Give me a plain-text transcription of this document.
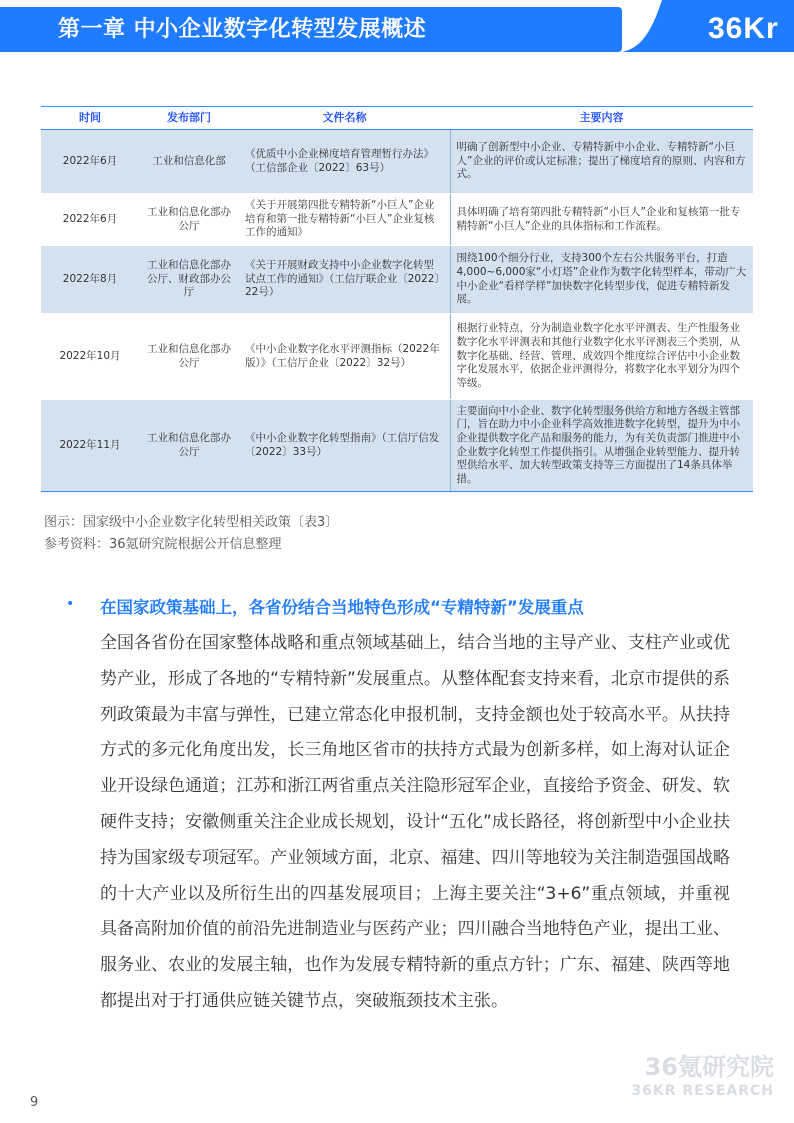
第一章 中小企业数字化转型发展概述	36Kr
时间	发布部门	文件名称	主要内容
2022年6月	工业和信息化部	《优质中小企业梯度培育管理暂行办法》（工信部企业〔2022〕63号）	明确了创新型中小企业、专精特新中小企业、专精特新“小巨人”企业的评价或认定标准；提出了梯度培育的原则、内容和方式。
2022年6月	工业和信息化部办公厅	《关于开展第四批专精特新“小巨人”企业培育和第一批专精特新“小巨人”企业复核工作的通知》	具体明确了培育第四批专精特新“小巨人”企业和复核第一批专精特新“小巨人”企业的具体指标和工作流程。
2022年8月	工业和信息化部办公厅、财政部办公厅	《关于开展财政支持中小企业数字化转型试点工作的通知》（工信厅联企业〔2022〕22号）	围绕100个细分行业，支持300个左右公共服务平台，打造4,000~6,000家“小灯塔”企业作为数字化转型样本，带动广大中小企业“看样学样”加快数字化转型步伐，促进专精特新发展。
2022年10月	工业和信息化部办公厅	《中小企业数字化水平评测指标（2022年版）》（工信厅企业〔2022〕32号）	根据行业特点，分为制造业数字化水平评测表、生产性服务业数字化水平评测表和其他行业数字化水平评测表三个类别，从数字化基础、经营、管理、成效四个维度综合评估中小企业数字化发展水平，依据企业评测得分，将数字化水平划分为四个等级。
2022年11月	工业和信息化部办公厅	《中小企业数字化转型指南》（工信厅信发〔2022〕33号）	主要面向中小企业、数字化转型服务供给方和地方各级主管部门，旨在助力中小企业科学高效推进数字化转型，提升为中小企业提供数字化产品和服务的能力，为有关负责部门推进中小企业数字化转型工作提供指引。从增强企业转型能力、提升转型供给水平、加大转型政策支持等三方面提出了14条具体举措。
图示：国家级中小企业数字化转型相关政策〔表3〕
参考资料：36氪研究院根据公开信息整理
• 在国家政策基础上，各省份结合当地特色形成“专精特新”发展重点

全国各省份在国家整体战略和重点领域基础上，结合当地的主导产业、支柱产业或优势产业，形成了各地的“专精特新”发展重点。从整体配套支持来看，北京市提供的系列政策最为丰富与弹性，已建立常态化申报机制，支持金额也处于较高水平。从扶持方式的多元化角度出发，长三角地区省市的扶持方式最为创新多样，如上海对认证企业开设绿色通道；江苏和浙江两省重点关注隐形冠军企业，直接给予资金、研发、软硬件支持；安徽侧重关注企业成长规划，设计“五化”成长路径，将创新型中小企业扶持为国家级专项冠军。产业领域方面，北京、福建、四川等地较为关注制造强国战略的十大产业以及所衍生出的四基发展项目；上海主要关注“3+6”重点领域，并重视具备高附加价值的前沿先进制造业与医药产业；四川融合当地特色产业，提出工业、服务业、农业的发展主轴，也作为发展专精特新的重点方针；广东、福建、陕西等地都提出对于打通供应链关键节点，突破瓶颈技术主张。

36氪研究院
36KR RESEARCH
9
